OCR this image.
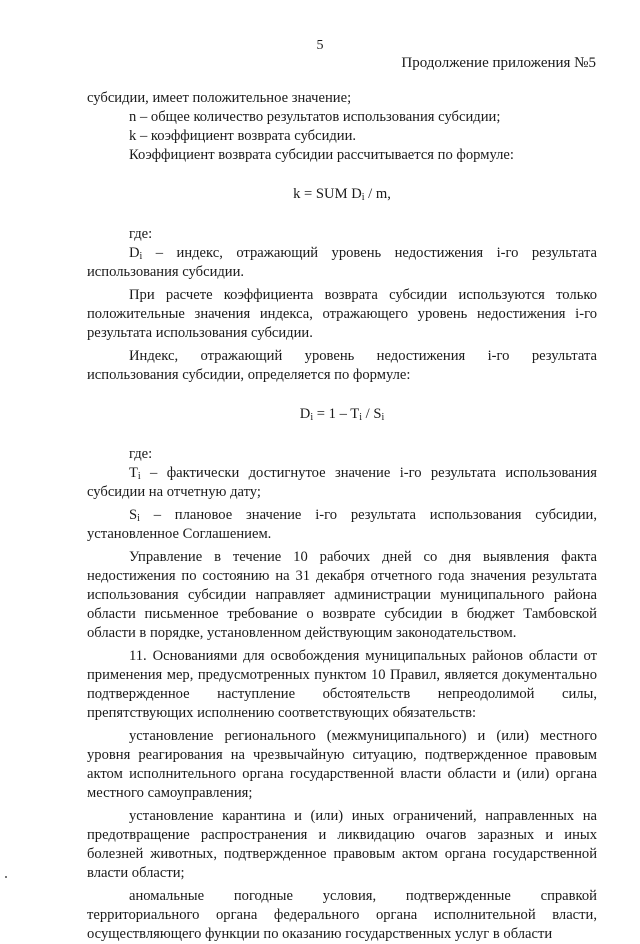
5
Продолжение приложения №5

субсидии, имеет положительное значение;

n – общее количество результатов использования субсидии;

k – коэффициент возврата субсидии.

Коэффициент возврата субсидии рассчитывается по формуле:

k = SUM $D_i$ / m,

где:

$D_i$ – индекс, отражающий уровень недостижения i-го результата использования субсидии.

При расчете коэффициента возврата субсидии используются только положительные значения индекса, отражающего уровень недостижения i-го результата использования субсидии.

Индекс, отражающий уровень недостижения i-го результата использования субсидии, определяется по формуле:

$D_i = 1 - T_i / S_i$

где:

$T_i$ – фактически достигнутое значение i-го результата использования субсидии на отчетную дату;

$S_i$ – плановое значение i-го результата использования субсидии, установленное Соглашением.

Управление в течение 10 рабочих дней со дня выявления факта недостижения по состоянию на 31 декабря отчетного года значения результата использования субсидии направляет администрации муниципального района области письменное требование о возврате субсидии в бюджет Тамбовской области в порядке, установленном действующим законодательством.

11. Основаниями для освобождения муниципальных районов области от применения мер, предусмотренных пунктом 10 Правил, является документально подтвержденное наступление обстоятельств непреодолимой силы, препятствующих исполнению соответствующих обязательств:

установление регионального (межмуниципального) и (или) местного уровня реагирования на чрезвычайную ситуацию, подтвержденное правовым актом исполнительного органа государственной власти области и (или) органа местного самоуправления;

установление карантина и (или) иных ограничений, направленных на предотвращение распространения и ликвидацию очагов заразных и иных болезней животных, подтвержденное правовым актом органа государственной власти области;

аномальные погодные условия, подтвержденные справкой территориального органа федерального органа исполнительной власти, осуществляющего функции по оказанию государственных услуг в области
